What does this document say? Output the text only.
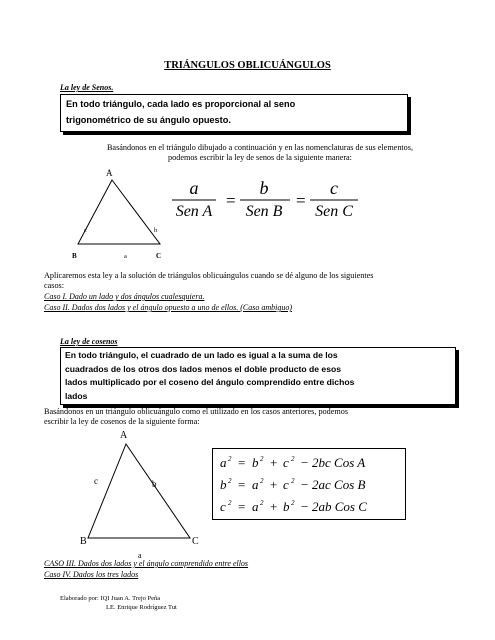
TRIÁNGULOS OBLICUÁNGULOS
La ley de Senos.
En todo triángulo, cada lado es proporcional al seno
trigonométrico de su ángulo opuesto.
Basándonos en el triángulo dibujado a continuación y en las nomenclaturas de sus elementos,
podemos escribir la ley de senos de la siguiente manera:
A
B	C
c	b
a
a
Sen A
b
Sen B
c
Sen C
=	=
Aplicaremos esta ley a la solución de triángulos oblicuángulos cuando se dé alguno de los siguientes
casos:
Caso I. Dado un lado y dos ángulos cualesquiera.
Caso II. Dados dos lados y el ángulo opuesto a uno de ellos. (Caso ambiguo)
La ley de cosenos
En todo triángulo, el cuadrado de un lado es igual a la suma de los
cuadrados de los otros dos lados menos el doble producto de esos
lados multiplicado por el coseno del ángulo comprendido entre dichos
lados
Basándonos en un triángulo oblicuángulo como el utilizado en los casos anteriores, podemos
escribir la ley de cosenos de la siguiente forma:
A
B	C
c	b
a
a 2 = b 2 + c 2 − 2bc Cos A
b 2 = a 2 + c 2 − 2ac Cos B
c 2 = a 2 + b 2 − 2ab Cos C
CASO III. Dados dos lados y el ángulo comprendido entre ellos
Caso IV. Dados los tres lados
Elaborado por: IQI Juan A. Trejo Peña
LE. Enrique Rodríguez Tut
